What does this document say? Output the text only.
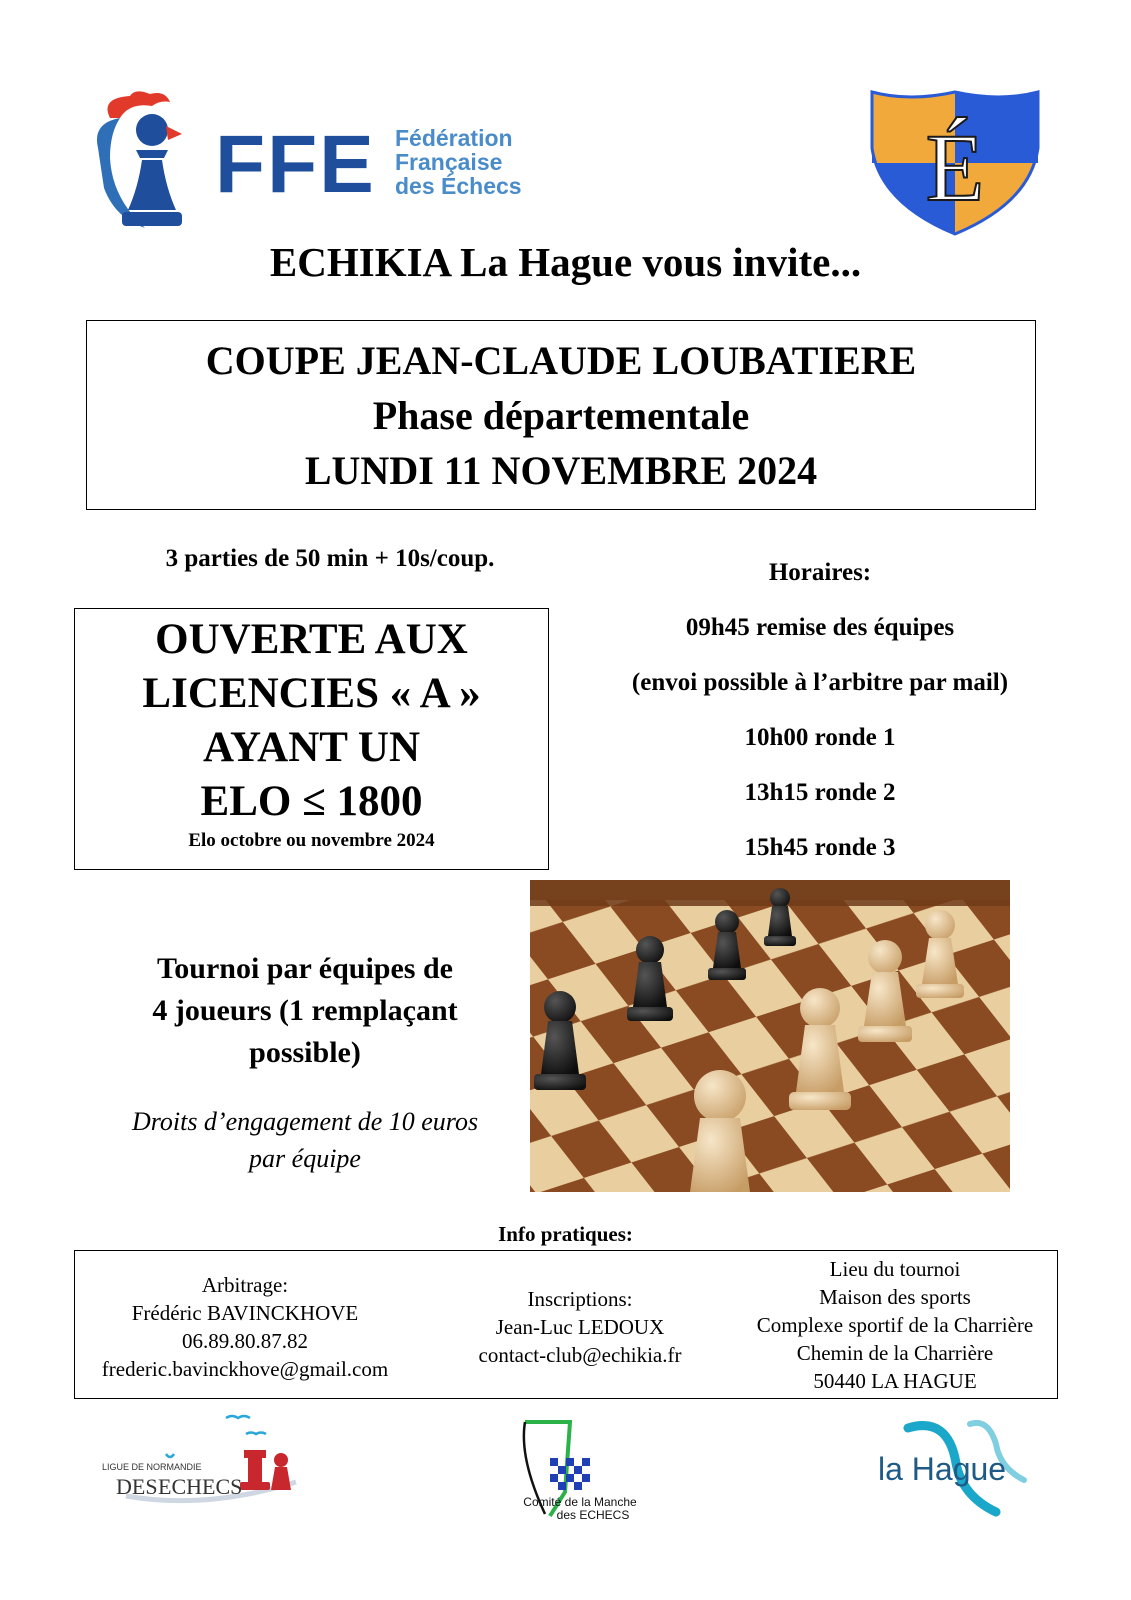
FFE Fédération
Française
des Échecs	É
ECHIKIA La Hague vous invite...
COUPE JEAN-CLAUDE LOUBATIERE
Phase départementale
LUNDI 11 NOVEMBRE 2024
3 parties de 50 min + 10s/coup.
OUVERTE AUX
LICENCIES « A »
AYANT UN
ELO ≤ 1800
Elo octobre ou novembre 2024
Horaires:
09h45 remise des équipes
(envoi possible à l’arbitre par mail)
10h00 ronde 1
13h15 ronde 2
15h45 ronde 3
Tournoi par équipes de
4 joueurs (1 remplaçant
possible)
Droits d’engagement de 10 euros
par équipe
Info pratiques:
Arbitrage:
Frédéric BAVINCKHOVE
06.89.80.87.82
frederic.bavinckhove@gmail.com
Inscriptions:
Jean-Luc LEDOUX
contact-club@echikia.fr
Lieu du tournoi
Maison des sports
Complexe sportif de la Charrière
Chemin de la Charrière
50440 LA HAGUE
LIGUE DE NORMANDIE
DES ECHECS
Comité de la Manche
des ECHECS
la Hague
